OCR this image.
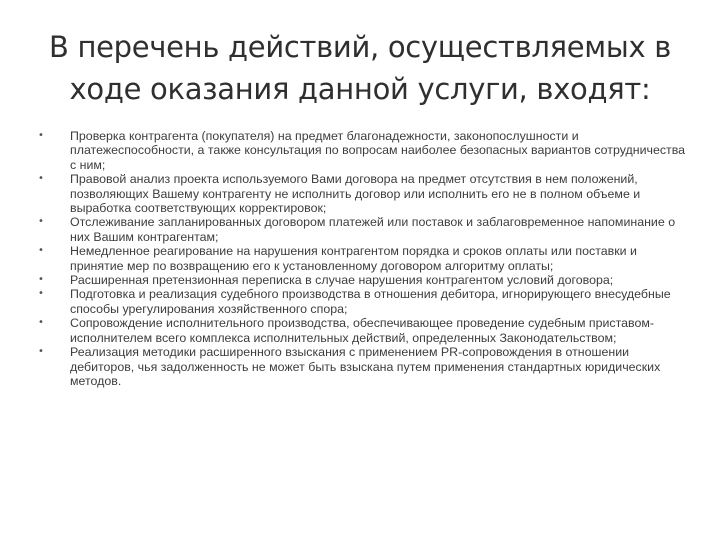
В перечень действий, осуществляемых в ходе оказания данной услуги, входят:
• Проверка контрагента (покупателя) на предмет благонадежности, законопослушности и платежеспособности, а также консультация по вопросам наиболее безопасных вариантов сотрудничества с ним;
• Правовой анализ проекта используемого Вами договора на предмет отсутствия в нем положений, позволяющих Вашему контрагенту не исполнить договор или исполнить его не в полном объеме и выработка соответствующих корректировок;
• Отслеживание запланированных договором платежей или поставок и заблаговременное напоминание о них Вашим контрагентам;
• Немедленное реагирование на нарушения контрагентом порядка и сроков оплаты или поставки и принятие мер по возвращению его к установленному договором алгоритму оплаты;
• Расширенная претензионная переписка в случае нарушения контрагентом условий договора;
• Подготовка и реализация судебного производства в отношения дебитора, игнорирующего внесудебные способы урегулирования хозяйственного спора;
• Сопровождение исполнительного производства, обеспечивающее проведение судебным приставом-исполнителем всего комплекса исполнительных действий, определенных Законодательством;
• Реализация методики расширенного взыскания с применением PR-сопровождения в отношении дебиторов, чья задолженность не может быть взыскана путем применения стандартных юридических методов.
